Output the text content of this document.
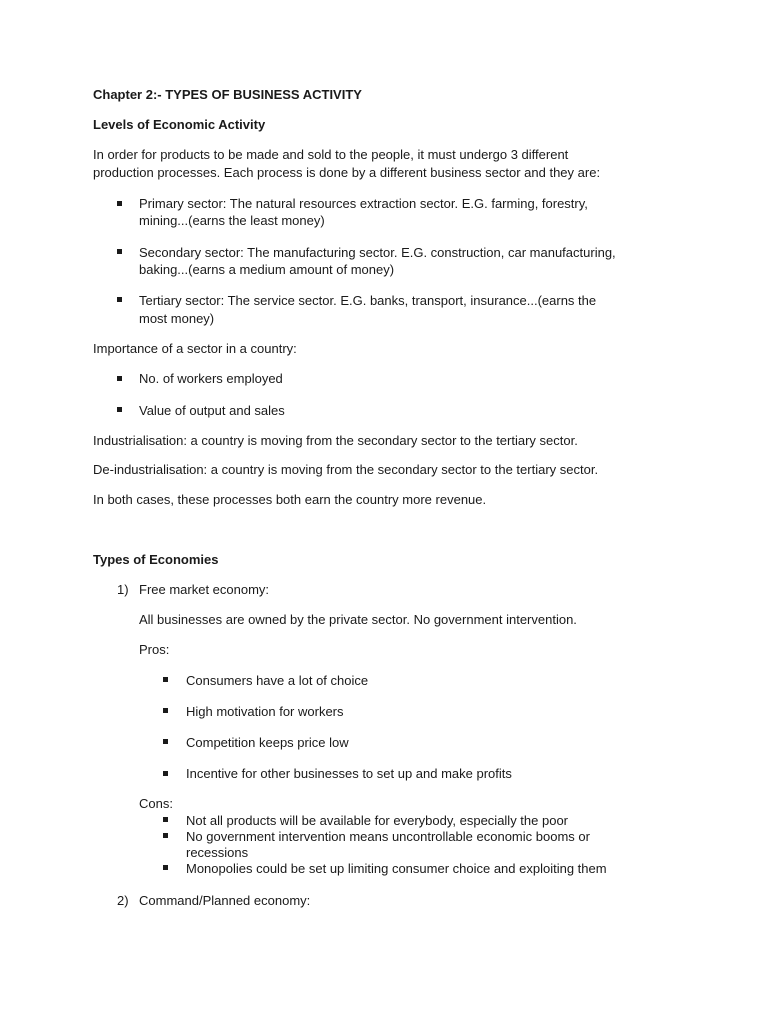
Chapter 2:- TYPES OF BUSINESS ACTIVITY
Levels of Economic Activity
In order for products to be made and sold to the people, it must undergo 3 different
production processes. Each process is done by a different business sector and they are:
Primary sector: The natural resources extraction sector. E.G. farming, forestry,
mining...(earns the least money)
Secondary sector: The manufacturing sector. E.G. construction, car manufacturing,
baking...(earns a medium amount of money)
Tertiary sector: The service sector. E.G. banks, transport, insurance...(earns the
most money)
Importance of a sector in a country:
No. of workers employed
Value of output and sales
Industrialisation: a country is moving from the secondary sector to the tertiary sector.
De-industrialisation: a country is moving from the secondary sector to the tertiary sector.
In both cases, these processes both earn the country more revenue.
Types of Economies
1) Free market economy:
All businesses are owned by the private sector. No government intervention.
Pros:
Consumers have a lot of choice
High motivation for workers
Competition keeps price low
Incentive for other businesses to set up and make profits
Cons:
Not all products will be available for everybody, especially the poor
No government intervention means uncontrollable economic booms or
recessions
Monopolies could be set up limiting consumer choice and exploiting them
2) Command/Planned economy:
